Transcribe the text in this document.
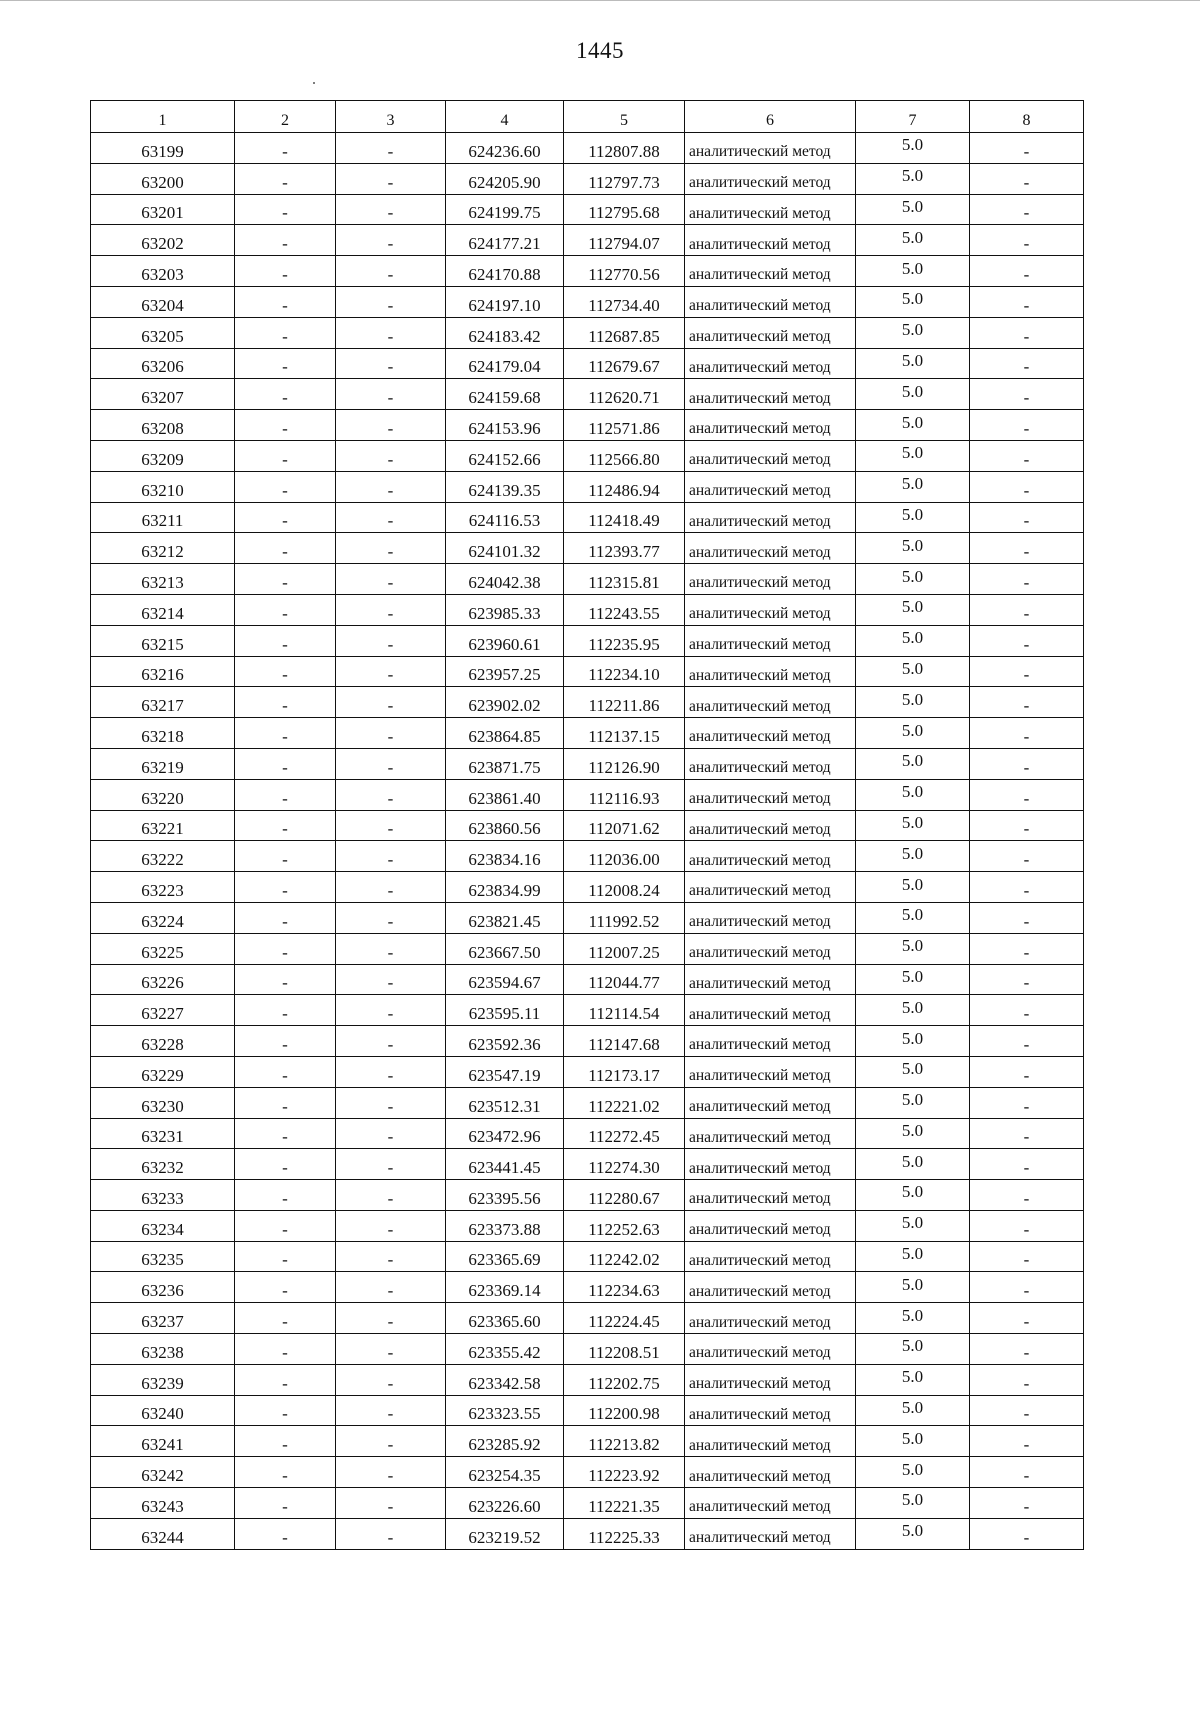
1445
1	2	3	4	5	6	7	8
63199	-	-	624236.60	112807.88	аналитический метод	5.0	-
63200	-	-	624205.90	112797.73	аналитический метод	5.0	-
63201	-	-	624199.75	112795.68	аналитический метод	5.0	-
63202	-	-	624177.21	112794.07	аналитический метод	5.0	-
63203	-	-	624170.88	112770.56	аналитический метод	5.0	-
63204	-	-	624197.10	112734.40	аналитический метод	5.0	-
63205	-	-	624183.42	112687.85	аналитический метод	5.0	-
63206	-	-	624179.04	112679.67	аналитический метод	5.0	-
63207	-	-	624159.68	112620.71	аналитический метод	5.0	-
63208	-	-	624153.96	112571.86	аналитический метод	5.0	-
63209	-	-	624152.66	112566.80	аналитический метод	5.0	-
63210	-	-	624139.35	112486.94	аналитический метод	5.0	-
63211	-	-	624116.53	112418.49	аналитический метод	5.0	-
63212	-	-	624101.32	112393.77	аналитический метод	5.0	-
63213	-	-	624042.38	112315.81	аналитический метод	5.0	-
63214	-	-	623985.33	112243.55	аналитический метод	5.0	-
63215	-	-	623960.61	112235.95	аналитический метод	5.0	-
63216	-	-	623957.25	112234.10	аналитический метод	5.0	-
63217	-	-	623902.02	112211.86	аналитический метод	5.0	-
63218	-	-	623864.85	112137.15	аналитический метод	5.0	-
63219	-	-	623871.75	112126.90	аналитический метод	5.0	-
63220	-	-	623861.40	112116.93	аналитический метод	5.0	-
63221	-	-	623860.56	112071.62	аналитический метод	5.0	-
63222	-	-	623834.16	112036.00	аналитический метод	5.0	-
63223	-	-	623834.99	112008.24	аналитический метод	5.0	-
63224	-	-	623821.45	111992.52	аналитический метод	5.0	-
63225	-	-	623667.50	112007.25	аналитический метод	5.0	-
63226	-	-	623594.67	112044.77	аналитический метод	5.0	-
63227	-	-	623595.11	112114.54	аналитический метод	5.0	-
63228	-	-	623592.36	112147.68	аналитический метод	5.0	-
63229	-	-	623547.19	112173.17	аналитический метод	5.0	-
63230	-	-	623512.31	112221.02	аналитический метод	5.0	-
63231	-	-	623472.96	112272.45	аналитический метод	5.0	-
63232	-	-	623441.45	112274.30	аналитический метод	5.0	-
63233	-	-	623395.56	112280.67	аналитический метод	5.0	-
63234	-	-	623373.88	112252.63	аналитический метод	5.0	-
63235	-	-	623365.69	112242.02	аналитический метод	5.0	-
63236	-	-	623369.14	112234.63	аналитический метод	5.0	-
63237	-	-	623365.60	112224.45	аналитический метод	5.0	-
63238	-	-	623355.42	112208.51	аналитический метод	5.0	-
63239	-	-	623342.58	112202.75	аналитический метод	5.0	-
63240	-	-	623323.55	112200.98	аналитический метод	5.0	-
63241	-	-	623285.92	112213.82	аналитический метод	5.0	-
63242	-	-	623254.35	112223.92	аналитический метод	5.0	-
63243	-	-	623226.60	112221.35	аналитический метод	5.0	-
63244	-	-	623219.52	112225.33	аналитический метод	5.0	-
